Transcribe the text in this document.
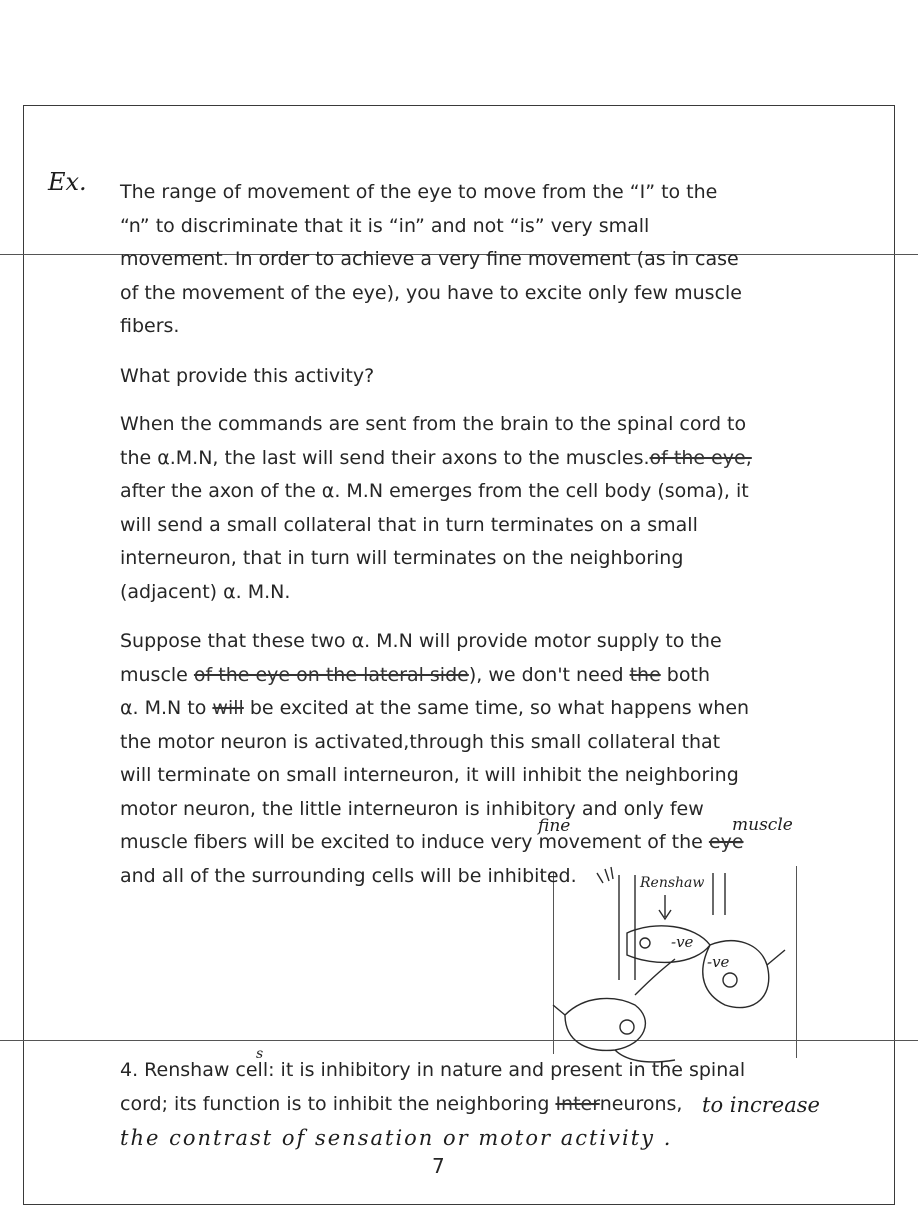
Ex. The range of movement of the eye to move from the “I” to the
“n” to discriminate that it is “in” and not “is” very small
movement. In order to achieve a very fine movement (as in case
of the movement of the eye), you have to excite only few muscle
fibers.
What provide this activity?
When the commands are sent from the brain to the spinal cord to
the α.M.N, the last will send their axons to the muscles.of the eye,
after the axon of the α. M.N emerges from the cell body (soma), it
will send a small collateral that in turn terminates on a small
interneuron, that in turn will terminates on the neighboring
(adjacent) α. M.N.
Suppose that these two α. M.N will provide motor supply to the
muscle of the eye on the lateral side), we don't need the both
α. M.N to will be excited at the same time, so what happens when
the motor neuron is activated,through this small collateral that
will terminate on small interneuron, it will inhibit the neighboring
motor neuron, the little interneuron is inhibitory and only few
muscle fibers will be excited to induce very movement of the eye
and all of the surrounding cells will be inhibited.
fine	muscle
Renshaw
-ve
-ve
4. Renshaw cell: it is inhibitory in nature and present in the spinal
cord; its function is to inhibit the neighboring Interneurons,
s
to increase
the contrast of sensation or motor activity .
7
